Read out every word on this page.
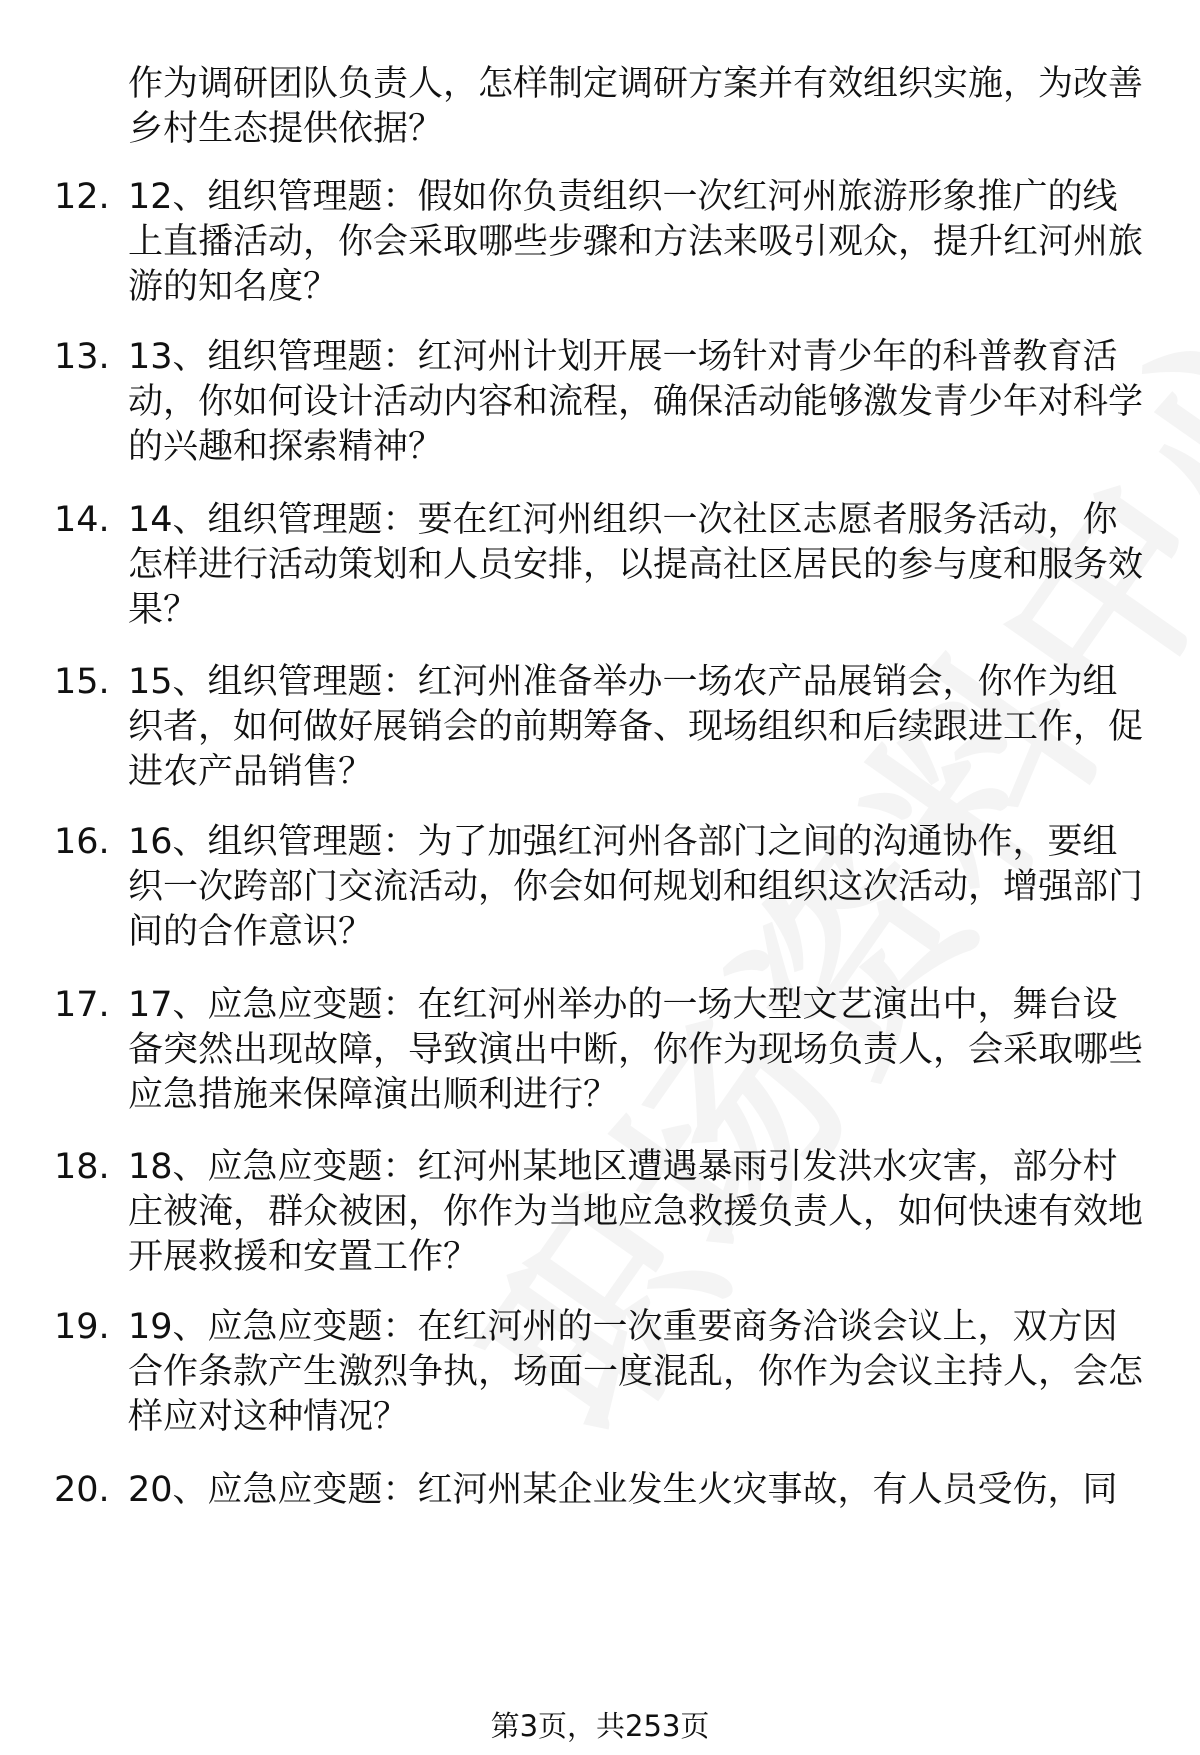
作为调研团队负责人，怎样制定调研方案并有效组织实施，为改善乡村生态提供依据？
12. 12、组织管理题：假如你负责组织一次红河州旅游形象推广的线上直播活动，你会采取哪些步骤和方法来吸引观众，提升红河州旅游的知名度？
13. 13、组织管理题：红河州计划开展一场针对青少年的科普教育活动，你如何设计活动内容和流程，确保活动能够激发青少年对科学的兴趣和探索精神？
14. 14、组织管理题：要在红河州组织一次社区志愿者服务活动，你怎样进行活动策划和人员安排，以提高社区居民的参与度和服务效果？
15. 15、组织管理题：红河州准备举办一场农产品展销会，你作为组织者，如何做好展销会的前期筹备、现场组织和后续跟进工作，促进农产品销售？
16. 16、组织管理题：为了加强红河州各部门之间的沟通协作，要组织一次跨部门交流活动，你会如何规划和组织这次活动，增强部门间的合作意识？
17. 17、应急应变题：在红河州举办的一场大型文艺演出中，舞台设备突然出现故障，导致演出中断，你作为现场负责人，会采取哪些应急措施来保障演出顺利进行？
18. 18、应急应变题：红河州某地区遭遇暴雨引发洪水灾害，部分村庄被淹，群众被困，你作为当地应急救援负责人，如何快速有效地开展救援和安置工作？
19. 19、应急应变题：在红河州的一次重要商务洽谈会议上，双方因合作条款产生激烈争执，场面一度混乱，你作为会议主持人，会怎样应对这种情况？
20. 20、应急应变题：红河州某企业发生火灾事故，有人员受伤，同
第3页，共253页
